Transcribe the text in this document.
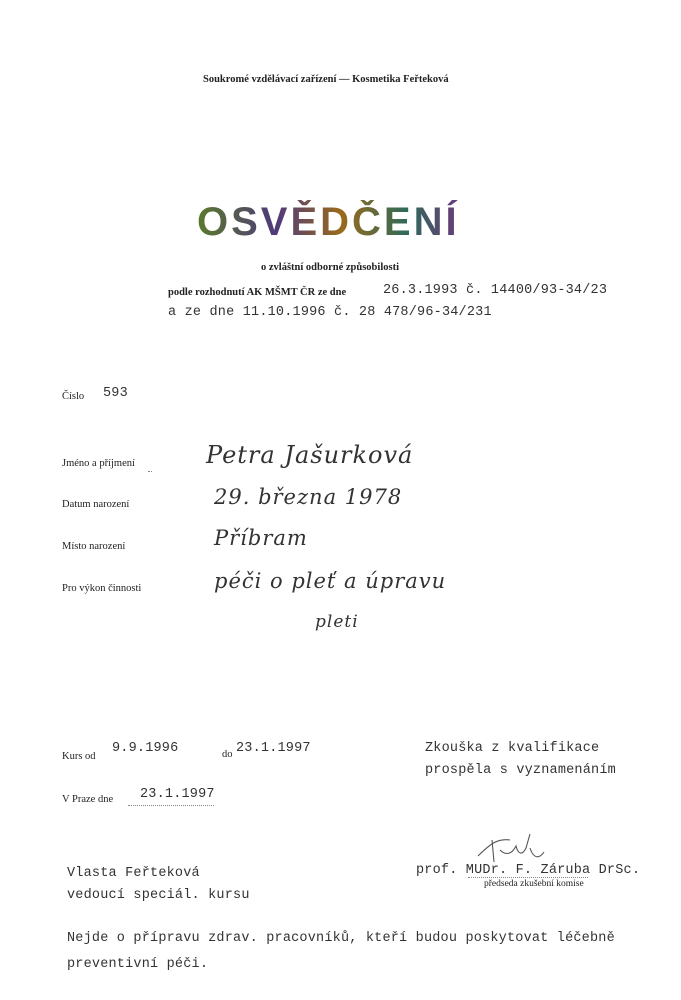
Soukromé vzdělávací zařízení — Kosmetika Feřteková
OSVĚDČENÍ
o zvláštní odborné způsobilosti
podle rozhodnutí AK MŠMT ČR ze dne	26.3.1993 č. 14400/93-34/23
a ze dne 11.10.1996 č. 28 478/96-34/231
Číslo 593
Jméno a příjmení	Petra Jašurková
Datum narození	29. března 1978
Místo narození	Příbram
Pro výkon činnosti	péči o pleť a úpravu
pleti
Kurs od
9.9.1996	do 23.1.1997	Zkouška z kvalifikace
prospěla s vyznamenáním
V Praze dne 23.1.1997
Vlasta Feřteková
vedoucí speciál. kursu
prof. MUDr. F. Záruba DrSc.
předseda zkušební komise
Nejde o přípravu zdrav. pracovníků, kteří budou poskytovat léčebně
preventivní péči.
